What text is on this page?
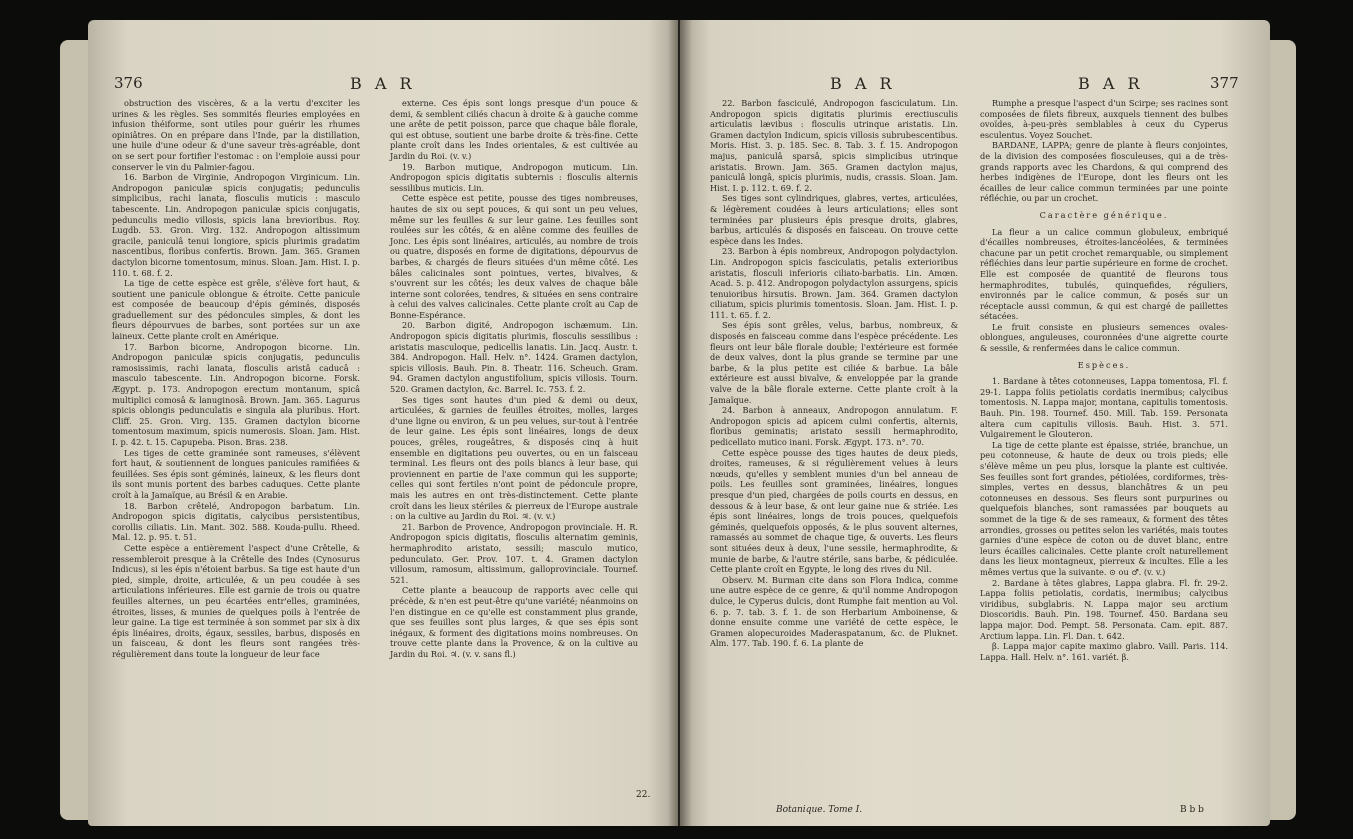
376	B A R

obstruction des viscères, & a la vertu d'exciter les urines & les règles. Ses sommités fleuries employées en infusion théiforme, sont utiles pour guérir les rhumes opiniâtres. On en prépare dans l'Inde, par la distillation, une huile d'une odeur & d'une saveur très-agréable, dont on se sert pour fortifier l'estomac : on l'emploie aussi pour conserver le vin du Palmier-fagou.

16. Barbon de Virginie, Andropogon Virginicum. Lin. Andropogon paniculæ spicis conjugatis; pedunculis simplicibus, rachi lanata, flosculis muticis : masculo tabescente. Lin. Andropogon paniculæ spicis conjugatis, pedunculis medio villosis, spicis lana brevioribus. Roy. Lugdb. 53. Gron. Virg. 132. Andropogon altissimum gracile, paniculâ tenui longiore, spicis plurimis gradatim nascentibus, floribus confertis. Brown. Jam. 365. Gramen dactylon bicorne tomentosum, minus. Sloan. Jam. Hist. I. p. 110. t. 68. f. 2.

La tige de cette espèce est grêle, s'élève fort haut, & soutient une panicule oblongue & étroite. Cette panicule est composée de beaucoup d'épis géminés, disposés graduellement sur des pédoncules simples, & dont les fleurs dépourvues de barbes, sont portées sur un axe laineux. Cette plante croît en Amérique.

17. Barbon bicorne, Andropogon bicorne. Lin. Andropogon paniculæ spicis conjugatis, pedunculis ramosissimis, rachi lanata, flosculis aristâ caducâ : masculo tabescente. Lin. Andropogon bicorne. Forsk. Ægypt. p. 173. Andropogon erectum montanum, spicâ multiplici comosâ & lanuginosâ. Brown. Jam. 365. Lagurus spicis oblongis pedunculatis e singula ala pluribus. Hort. Cliff. 25. Gron. Virg. 135. Gramen dactylon bicorne tomentosum maximum, spicis numerosis. Sloan. Jam. Hist. I. p. 42. t. 15. Capupeba. Pison. Bras. 238.

Les tiges de cette graminée sont rameuses, s'élèvent fort haut, & soutiennent de longues panicules ramifiées & feuillées. Ses épis sont géminés, laineux, & les fleurs dont ils sont munis portent des barbes caduques. Cette plante croît à la Jamaïque, au Brésil & en Arabie.

18. Barbon crêtelé, Andropogon barbatum. Lin. Andropogon spicis digitatis, calycibus persistentibus, corollis ciliatis. Lin. Mant. 302. 588. Kouda-pullu. Rheed. Mal. 12. p. 95. t. 51.

Cette espèce a entièrement l'aspect d'une Crêtelle, & ressembleroit presque à la Crêtelle des Indes (Cynosurus Indicus), si les épis n'étoient barbus. Sa tige est haute d'un pied, simple, droite, articulée, & un peu coudée à ses articulations inférieures. Elle est garnie de trois ou quatre feuilles alternes, un peu écartées entr'elles, graminées, étroites, lisses, & munies de quelques poils à l'entrée de leur gaine. La tige est terminée à son sommet par six à dix épis linéaires, droits, égaux, sessiles, barbus, disposés en un faisceau, & dont les fleurs sont rangées très-régulièrement dans toute la longueur de leur face

externe. Ces épis sont longs presque d'un pouce & demi, & semblent ciliés chacun à droite & à gauche comme une arête de petit poisson, parce que chaque bâle florale, qui est obtuse, soutient une barbe droite & très-fine. Cette plante croît dans les Indes orientales, & est cultivée au Jardin du Roi. (v. v.)

19. Barbon mutique, Andropogon muticum. Lin. Andropogon spicis digitatis subternis : flosculis alternis sessilibus muticis. Lin.

Cette espèce est petite, pousse des tiges nombreuses, hautes de six ou sept pouces, & qui sont un peu velues, même sur les feuilles & sur leur gaine. Les feuilles sont roulées sur les côtés, & en alêne comme des feuilles de Jonc. Les épis sont linéaires, articulés, au nombre de trois ou quatre, disposés en forme de digitations, dépourvus de barbes, & chargés de fleurs situées d'un même côté. Les bâles calicinales sont pointues, vertes, bivalves, & s'ouvrent sur les côtés; les deux valves de chaque bâle interne sont colorées, tendres, & situées en sens contraire à celui des valves calicinales. Cette plante croît au Cap de Bonne-Espérance.

20. Barbon digité, Andropogon ischæmum. Lin. Andropogon spicis digitatis plurimis, flosculis sessilibus : aristatis masculoque, pedicellis lanatis. Lin. Jacq. Austr. t. 384. Andropogon. Hall. Helv. n°. 1424. Gramen dactylon, spicis villosis. Bauh. Pin. 8. Theatr. 116. Scheuch. Gram. 94. Gramen dactylon angustifolium, spicis villosis. Tourn. 520. Gramen dactylon, &c. Barrel. Ic. 753. f. 2.

Ses tiges sont hautes d'un pied & demi ou deux, articulées, & garnies de feuilles étroites, molles, larges d'une ligne ou environ, & un peu velues, sur-tout à l'entrée de leur gaine. Les épis sont linéaires, longs de deux pouces, grêles, rougeâtres, & disposés cinq à huit ensemble en digitations peu ouvertes, ou en un faisceau terminal. Les fleurs ont des poils blancs à leur base, qui proviennent en partie de l'axe commun qui les supporte; celles qui sont fertiles n'ont point de pédoncule propre, mais les autres en ont très-distinctement. Cette plante croît dans les lieux stériles & pierreux de l'Europe australe : on la cultive au Jardin du Roi. ♃. (v. v.)

21. Barbon de Provence, Andropogon provinciale. H. R. Andropogon spicis digitatis, flosculis alternatim geminis, hermaphrodito aristato, sessili; masculo mutico, pedunculato. Ger. Prov. 107. t. 4. Gramen dactylon villosum, ramosum, altissimum, galloprovinciale. Tournef. 521.

Cette plante a beaucoup de rapports avec celle qui précède, & n'en est peut-être qu'une variété; néanmoins on l'en distingue en ce qu'elle est constamment plus grande, que ses feuilles sont plus larges, & que ses épis sont inégaux, & forment des digitations moins nombreuses. On trouve cette plante dans la Provence, & on la cultive au Jardin du Roi. ♃. (v. v. sans fl.)

22.
B A R	B A R	377

22. Barbon fasciculé, Andropogon fasciculatum. Lin. Andropogon spicis digitatis plurimis erectiusculis articulatis lævibus : flosculis utrinque aristatis. Lin. Gramen dactylon Indicum, spicis villosis subrubescentibus. Moris. Hist. 3. p. 185. Sec. 8. Tab. 3. f. 15. Andropogon majus, paniculâ sparsâ, spicis simplicibus utrinque aristatis. Brown. Jam. 365. Gramen dactylon majus, paniculâ longâ, spicis plurimis, nudis, crassis. Sloan. Jam. Hist. I. p. 112. t. 69. f. 2.

Ses tiges sont cylindriques, glabres, vertes, articulées, & légèrement coudées à leurs articulations; elles sont terminées par plusieurs épis presque droits, glabres, barbus, articulés & disposés en faisceau. On trouve cette espèce dans les Indes.

23. Barbon à épis nombreux, Andropogon polydactylon. Lin. Andropogon spicis fasciculatis, petalis exterioribus aristatis, flosculi inferioris ciliato-barbatis. Lin. Amœn. Acad. 5. p. 412. Andropogon polydactylon assurgens, spicis tenuioribus hirsutis. Brown. Jam. 364. Gramen dactylon ciliatum, spicis plurimis tomentosis. Sloan. Jam. Hist. I. p. 111. t. 65. f. 2.

Ses épis sont grêles, velus, barbus, nombreux, & disposés en faisceau comme dans l'espèce précédente. Les fleurs ont leur bâle florale double; l'extérieure est formée de deux valves, dont la plus grande se termine par une barbe, & la plus petite est ciliée & barbue. La bâle extérieure est aussi bivalve, & enveloppée par la grande valve de la bâle florale externe. Cette plante croît à la Jamaïque.

24. Barbon à anneaux, Andropogon annulatum. F. Andropogon spicis ad apicem culmi confertis, alternis, floribus geminatis; aristato sessili hermaphrodito, pedicellato mutico inani. Forsk. Ægypt. 173. n°. 70.

Cette espèce pousse des tiges hautes de deux pieds, droites, rameuses, & si régulièrement velues à leurs nœuds, qu'elles y semblent munies d'un bel anneau de poils. Les feuilles sont graminées, linéaires, longues presque d'un pied, chargées de poils courts en dessus, en dessous & à leur base, & ont leur gaine nue & striée. Les épis sont linéaires, longs de trois pouces, quelquefois géminés, quelquefois opposés, & le plus souvent alternes, ramassés au sommet de chaque tige, & ouverts. Les fleurs sont situées deux à deux, l'une sessile, hermaphrodite, & munie de barbe, & l'autre stérile, sans barbe, & pédiculée. Cette plante croît en Egypte, le long des rives du Nil.

Observ. M. Burman cite dans son Flora Indica, comme une autre espèce de ce genre, & qu'il nomme Andropogon dulce, le Cyperus dulcis, dont Rumphe fait mention au Vol. 6. p. 7. tab. 3. f. 1. de son Herbarium Amboinense, & donne ensuite comme une variété de cette espèce, le Gramen alopecuroides Maderaspatanum, &c. de Pluknet. Alm. 177. Tab. 190. f. 6. La plante de

Rumphe a presque l'aspect d'un Scirpe; ses racines sont composées de filets fibreux, auxquels tiennent des bulbes ovoïdes, à-peu-près semblables à ceux du Cyperus esculentus. Voyez Souchet.

BARDANE, LAPPA; genre de plante à fleurs conjointes, de la division des composées flosculeuses, qui a de très-grands rapports avec les Chardons, & qui comprend des herbes indigènes de l'Europe, dont les fleurs ont les écailles de leur calice commun terminées par une pointe réfléchie, ou par un crochet.

Caractère générique.

La fleur a un calice commun globuleux, embriqué d'écailles nombreuses, étroites-lancéolées, & terminées chacune par un petit crochet remarquable, ou simplement réfléchies dans leur partie supérieure en forme de crochet. Elle est composée de quantité de fleurons tous hermaphrodites, tubulés, quinquefides, réguliers, environnés par le calice commun, & posés sur un réceptacle aussi commun, & qui est chargé de paillettes sétacées.

Le fruit consiste en plusieurs semences ovales-oblongues, anguleuses, couronnées d'une aigrette courte & sessile, & renfermées dans le calice commun.

Espèces.

1. Bardane à têtes cotonneuses, Lappa tomentosa, Fl. f. 29-1. Lappa foliis petiolatis cordatis inermibus; calycibus tomentosis. N. Lappa major, montana, capitulis tomentosis. Bauh. Pin. 198. Tournef. 450. Mill. Tab. 159. Personata altera cum capitulis villosis. Bauh. Hist. 3. 571. Vulgairement le Glouteron.

La tige de cette plante est épaisse, striée, branchue, un peu cotonneuse, & haute de deux ou trois pieds; elle s'élève même un peu plus, lorsque la plante est cultivée. Ses feuilles sont fort grandes, pétiolées, cordiformes, très-simples, vertes en dessus, blanchâtres & un peu cotonneuses en dessous. Ses fleurs sont purpurines ou quelquefois blanches, sont ramassées par bouquets au sommet de la tige & de ses rameaux, & forment des têtes arrondies, grosses ou petites selon les variétés, mais toutes garnies d'une espèce de coton ou de duvet blanc, entre leurs écailles calicinales. Cette plante croît naturellement dans les lieux montagneux, pierreux & incultes. Elle a les mêmes vertus que la suivante. ⊙ ou ♂. (v. v.)

2. Bardane à têtes glabres, Lappa glabra. Fl. fr. 29-2. Lappa foliis petiolatis, cordatis, inermibus; calycibus viridibus, subglabris. N. Lappa major seu arctium Dioscoridis. Bauh. Pin. 198. Tournef. 450. Bardana seu lappa major. Dod. Pempt. 58. Personata. Cam. epit. 887. Arctium lappa. Lin. Fl. Dan. t. 642.

β. Lappa major capite maximo glabro. Vaill. Paris. 114. Lappa. Hall. Helv. n°. 161. variét. β.

Botanique. Tome I.	B b b
